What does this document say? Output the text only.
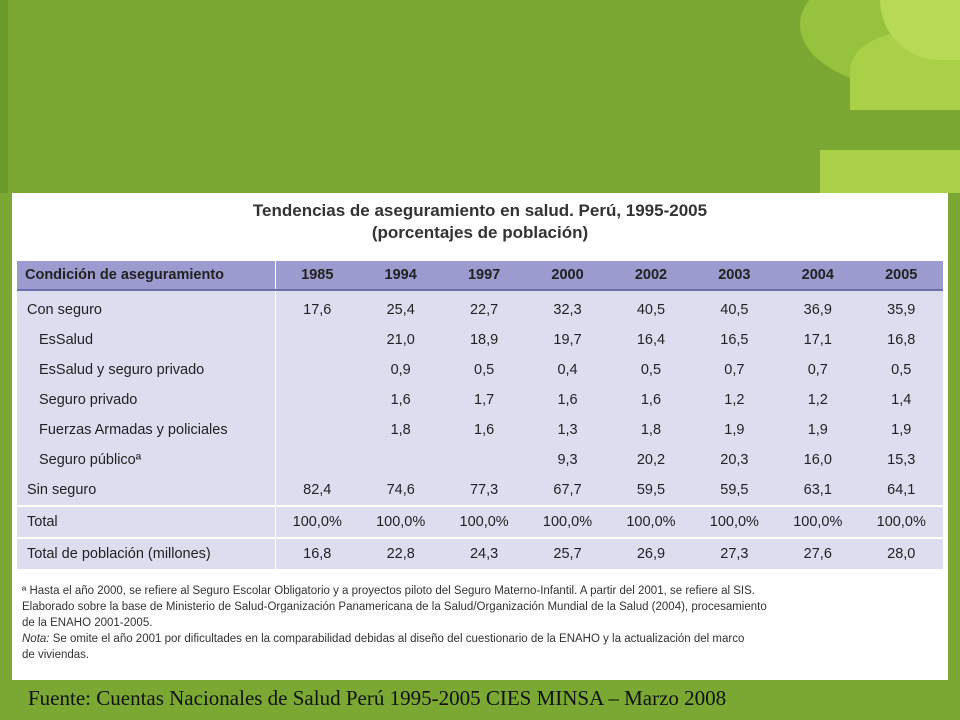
Tendencias de aseguramiento en salud. Perú, 1995-2005
(porcentajes de población)
Condición de aseguramiento	1985	1994	1997	2000	2002	2003	2004	2005
Con seguro	17,6	25,4	22,7	32,3	40,5	40,5	36,9	35,9
EsSalud		21,0	18,9	19,7	16,4	16,5	17,1	16,8
EsSalud y seguro privado		0,9	0,5	0,4	0,5	0,7	0,7	0,5
Seguro privado		1,6	1,7	1,6	1,6	1,2	1,2	1,4
Fuerzas Armadas y policiales		1,8	1,6	1,3	1,8	1,9	1,9	1,9
Seguro públicoª				9,3	20,2	20,3	16,0	15,3
Sin seguro	82,4	74,6	77,3	67,7	59,5	59,5	63,1	64,1
Total	100,0%	100,0%	100,0%	100,0%	100,0%	100,0%	100,0%	100,0%
Total de población (millones)	16,8	22,8	24,3	25,7	26,9	27,3	27,6	28,0

ª Hasta el año 2000, se refiere al Seguro Escolar Obligatorio y a proyectos piloto del Seguro Materno-Infantil. A partir del 2001, se refiere al SIS.

Elaborado sobre la base de Ministerio de Salud-Organización Panamericana de la Salud/Organización Mundial de la Salud (2004), procesamiento

de la ENAHO 2001-2005.

Nota: Se omite el año 2001 por dificultades en la comparabilidad debidas al diseño del cuestionario de la ENAHO y la actualización del marco

de viviendas.

Fuente: Cuentas Nacionales de Salud Perú 1995-2005 CIES MINSA – Marzo 2008
